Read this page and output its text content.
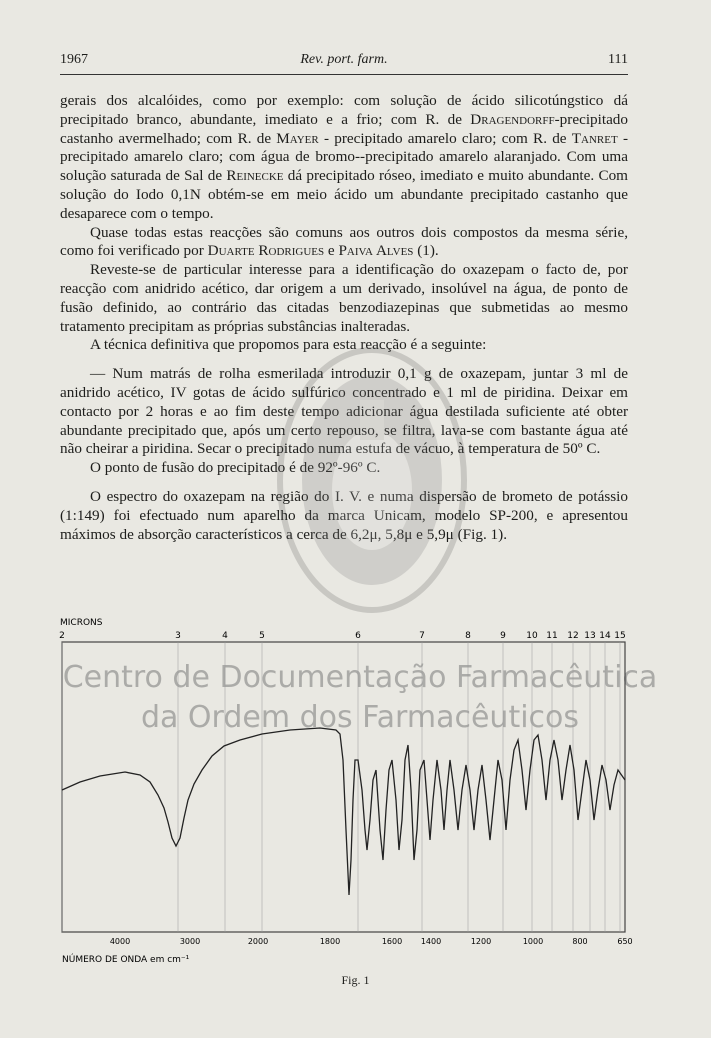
1967	Rev. port. farm.	111

gerais dos alcalóides, como por exemplo: com solução de ácido silicotúngstico dá precipitado branco, abundante, imediato e a frio; com R. de Dragendorff-precipitado castanho avermelhado; com R. de Mayer - precipitado amarelo claro; com R. de Tanret - precipitado amarelo claro; com água de bromo--precipitado amarelo alaranjado. Com uma solução saturada de Sal de Reinecke dá precipitado róseo, imediato e muito abundante. Com solução do Iodo 0,1N obtém-se em meio ácido um abundante precipitado castanho que desaparece com o tempo.

Quase todas estas reacções são comuns aos outros dois compostos da mesma série, como foi verificado por Duarte Rodrigues e Paiva Alves (1).

Reveste-se de particular interesse para a identificação do oxazepam o facto de, por reacção com anidrido acético, dar origem a um derivado, insolúvel na água, de ponto de fusão definido, ao contrário das citadas benzodiazepinas que submetidas ao mesmo tratamento precipitam as próprias substâncias inalteradas.

A técnica definitiva que propomos para esta reacção é a seguinte:

— Num matrás de rolha esmerilada introduzir 0,1 g de oxazepam, juntar 3 ml de anidrido acético, IV gotas de ácido sulfúrico concentrado e 1 ml de piridina. Deixar em contacto por 2 horas e ao fim deste tempo adicionar água destilada suficiente até obter abundante precipitado que, após um certo repouso, se filtra, lava-se com bastante água até não cheirar a piridina. Secar o precipitado numa estufa de vácuo, à temperatura de 50º C.

O ponto de fusão do precipitado é de 92º-96º C.

O espectro do oxazepam na região do I. V. e numa dispersão de brometo de potássio (1:149) foi efectuado num aparelho da marca Unicam, modelo SP-200, e apresentou máximos de absorção característicos a cerca de 6,2μ, 5,8μ e 5,9μ (Fig. 1).

Centro de Documentação Farmacêutica
da Ordem dos Farmacêuticos
MICRONS
2	3	4	5	6	7	8	9 10 11 12 13 14 15
4000	3000	2000	1800	1600 1400	1200	1000	800	650
NÚMERO DE ONDA em cm⁻¹
Fig. 1
